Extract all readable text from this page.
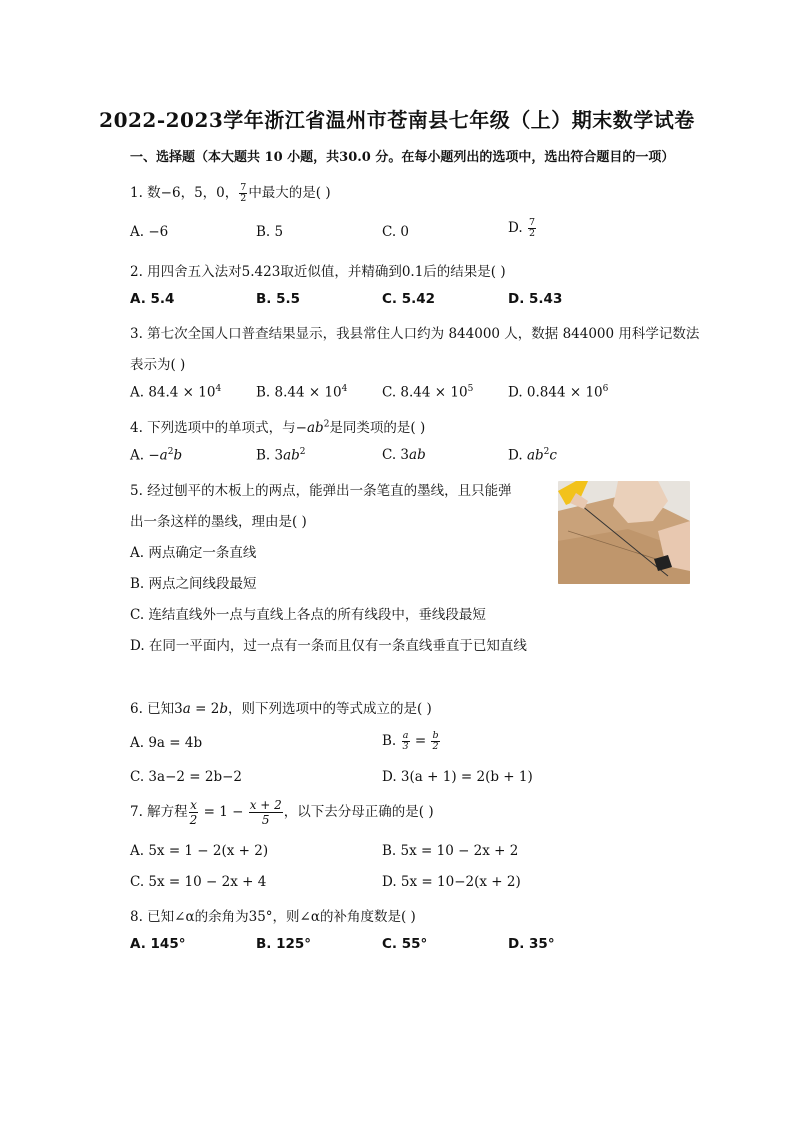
2022-2023学年浙江省温州市苍南县七年级（上）期末数学试卷
一、选择题（本大题共 10 小题，共30.0 分。在每小题列出的选项中，选出符合题目的一项）
1. 数−6，5，0， $\frac{7}{2}$ 中最大的是( )
A. −6	B. 5	C. 0	D. $\frac{7}{2}$
2. 用四舍五入法对5.423取近似值，并精确到0.1后的结果是( )
A. 5.4	B. 5.5	C. 5.42	D. 5.43
3. 第七次全国人口普查结果显示，我县常住人口约为 844000 人，数据 844000 用科学记数法
表示为( )
A. $84.4 \times 10^4$	B. $8.44 \times 10^4$	C. $8.44 \times 10^5$	D. $0.844 \times 10^6$
4. 下列选项中的单项式，与$-ab^2$是同类项的是( )
A. $-a^2b$	B. $3ab^2$	C. 3ab	D. $ab^2c$
5. 经过刨平的木板上的两点，能弹出一条笔直的墨线，且只能弹
出一条这样的墨线，理由是( )
A. 两点确定一条直线
B. 两点之间线段最短
C. 连结直线外一点与直线上各点的所有线段中，垂线段最短
D. 在同一平面内，过一点有一条而且仅有一条直线垂直于已知直线
6. 已知3a = 2b，则下列选项中的等式成立的是( )
A. 9a = 4b	B. $\frac{a}{3} = \frac{b}{2}$
C. 3a−2 = 2b−2	D. 3(a + 1) = 2(b + 1)
7. 解方程 $\frac{x}{2} = 1 - \frac{x + 2}{5}$ ，以下去分母正确的是( )
A. 5x = 1 − 2(x + 2)	B. 5x = 10 − 2x + 2
C. 5x = 10 − 2x + 4	D. 5x = 10−2(x + 2)
8. 已知∠α的余角为35°，则∠α的补角度数是( )
A. 145°	B. 125°	C. 55°	D. 35°
